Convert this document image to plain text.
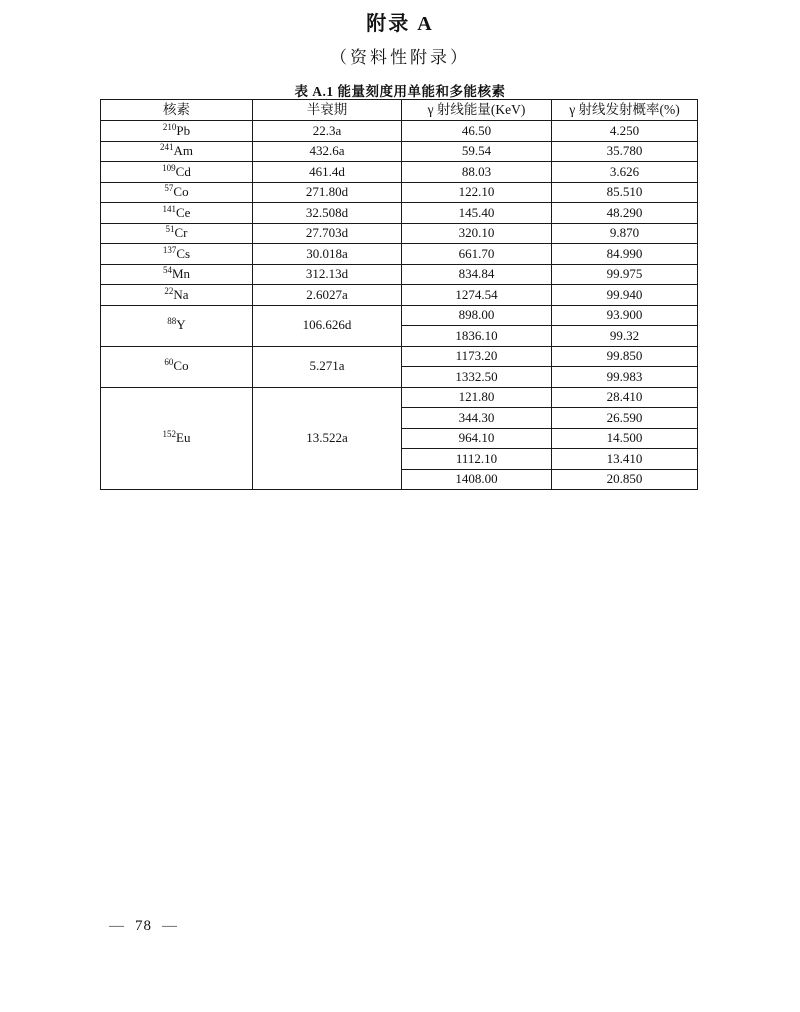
附录 A
（资料性附录）
表 A.1 能量刻度用单能和多能核素
核素	半衰期	γ 射线能量(KeV)	γ 射线发射概率(%)
$^{210}$Pb	22.3a	46.50	4.250
$^{241}$Am	432.6a	59.54	35.780
$^{109}$Cd	461.4d	88.03	3.626
$^{57}$Co	271.80d	122.10	85.510
$^{141}$Ce	32.508d	145.40	48.290
$^{51}$Cr	27.703d	320.10	9.870
$^{137}$Cs	30.018a	661.70	84.990
$^{54}$Mn	312.13d	834.84	99.975
$^{22}$Na	2.6027a	1274.54	99.940
$^{88}$Y	106.626d	898.00	93.900
		1836.10	99.32
$^{60}$Co	5.271a	1173.20	99.850
		1332.50	99.983
$^{152}$Eu	13.522a	121.80	28.410
		344.30	26.590
		964.10	14.500
		1112.10	13.410
		1408.00	20.850
— 78 —
